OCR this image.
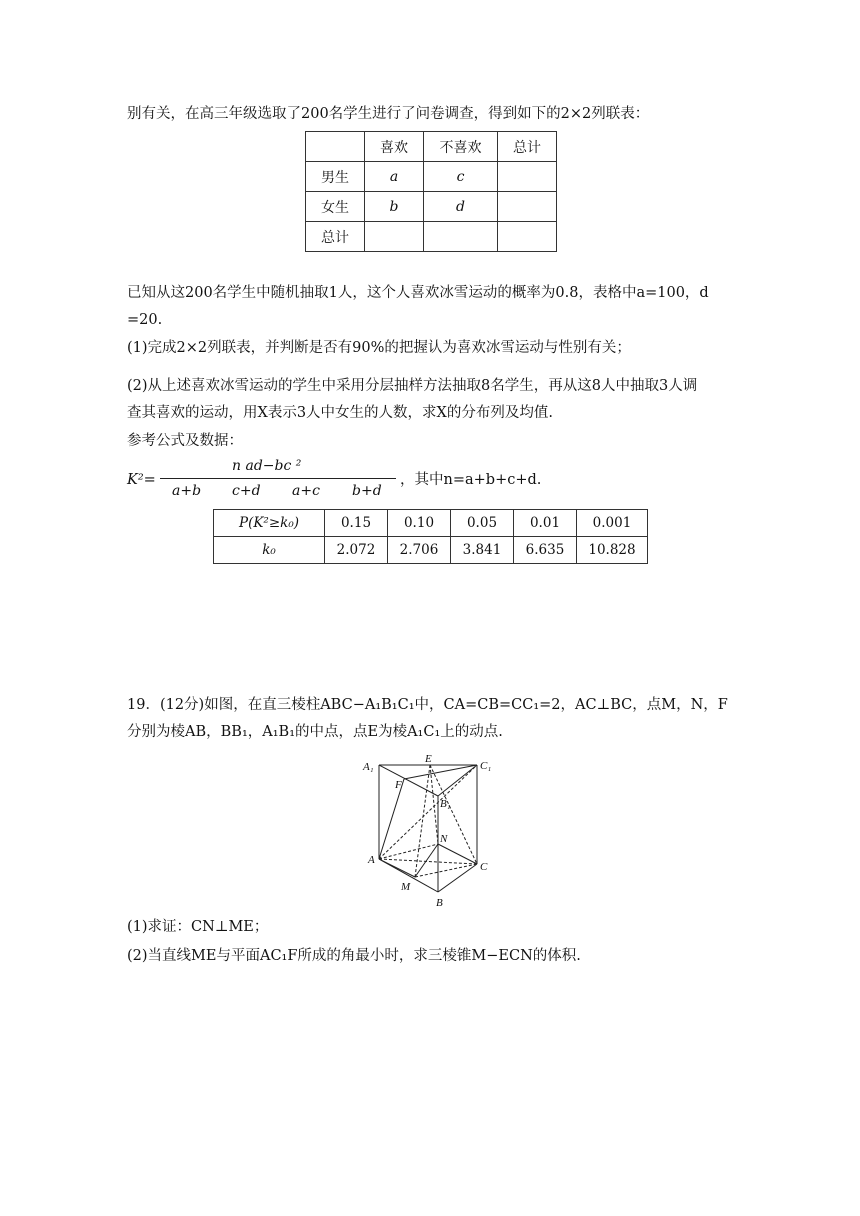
别有关，在高三年级选取了200名学生进行了问卷调查，得到如下的2×2列联表：
	喜欢	不喜欢	总计
男生	a	c	
女生	b	d	
总计			
已知从这200名学生中随机抽取1人，这个人喜欢冰雪运动的概率为0.8，表格中a=100，d
=20.
(1)完成2×2列联表，并判断是否有90%的把握认为喜欢冰雪运动与性别有关；
(2)从上述喜欢冰雪运动的学生中采用分层抽样方法抽取8名学生，再从这8人中抽取3人调
查其喜欢的运动，用X表示3人中女生的人数，求X的分布列及均值.
参考公式及数据：
K²=
n ad−bc ²
a+b c+d a+c b+d
，其中n=a+b+c+d.
P(K²≥k₀)	0.15	0.10	0.05	0.01	0.001
k₀	2.072	2.706	3.841	6.635	10.828
19．(12分)如图，在直三棱柱ABC−A₁B₁C₁中，CA=CB=CC₁=2，AC⊥BC，点M，N，F
分别为棱AB，BB₁，A₁B₁的中点，点E为棱A₁C₁上的动点.
A₁
E
C₁
F
B₁
N
A
C
M
B
(1)求证：CN⊥ME；
(2)当直线ME与平面AC₁F所成的角最小时，求三棱锥M−ECN的体积.
